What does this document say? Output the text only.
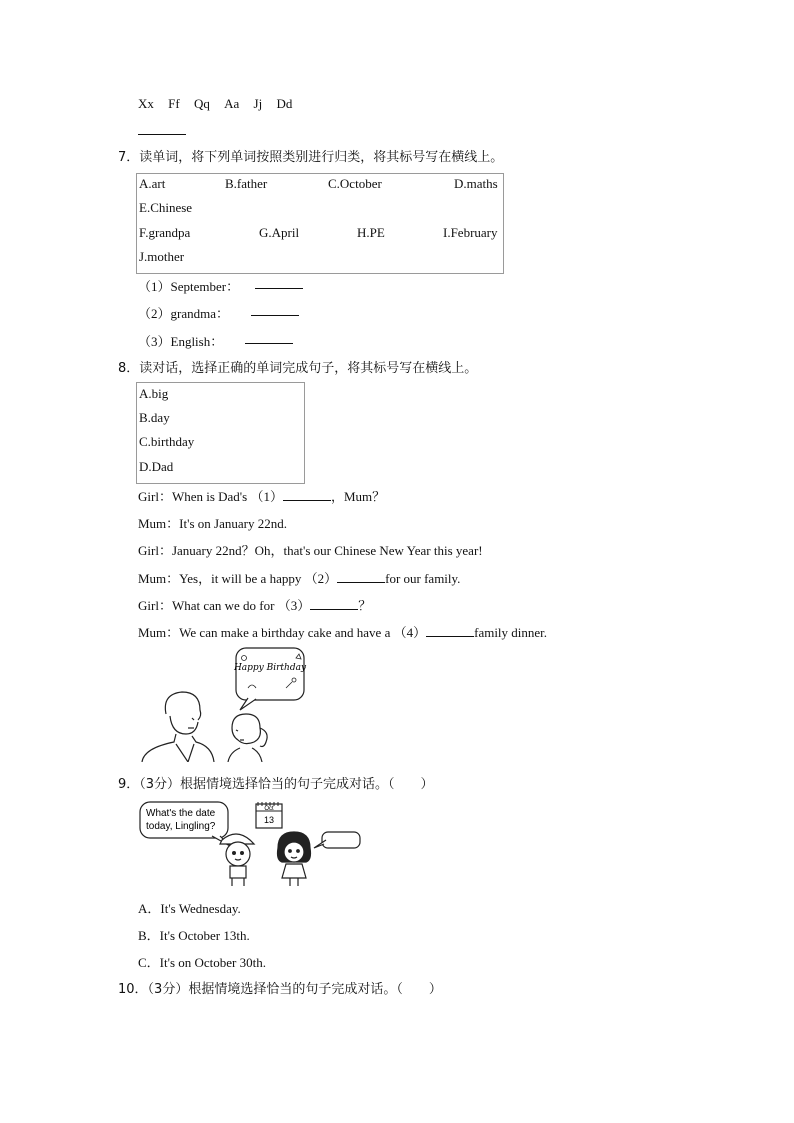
Xx Ff Qq Aa Jj Dd
7．读单词，将下列单词按照类别进行归类，将其标号写在横线上。
A.art	B.father	C.October	D.maths
E.Chinese
F.grandpa	G.April	H.PE	I.February
J.mother
（1）September：
（2）grandma：
（3）English：
8．读对话，选择正确的单词完成句子，将其标号写在横线上。
A.big
B.day
C.birthday
D.Dad
Girl：When is Dad's （1）	，Mum？
Mum：It's on January 22nd.
Girl：January 22nd？Oh，that's our Chinese New Year this year!
Mum：Yes，it will be a happy （2）	for our family.
Girl：What can we do for （3）	？
Mum：We can make a birthday cake and have a （4）	family dinner.
Happy Birthday
9．（3分）根据情境选择恰当的句子完成对话。（　　）
What's the date
today, Lingling?
Oct
13
A．It's Wednesday.
B．It's October 13th.
C．It's on October 30th.
10．（3分）根据情境选择恰当的句子完成对话。（　　）
